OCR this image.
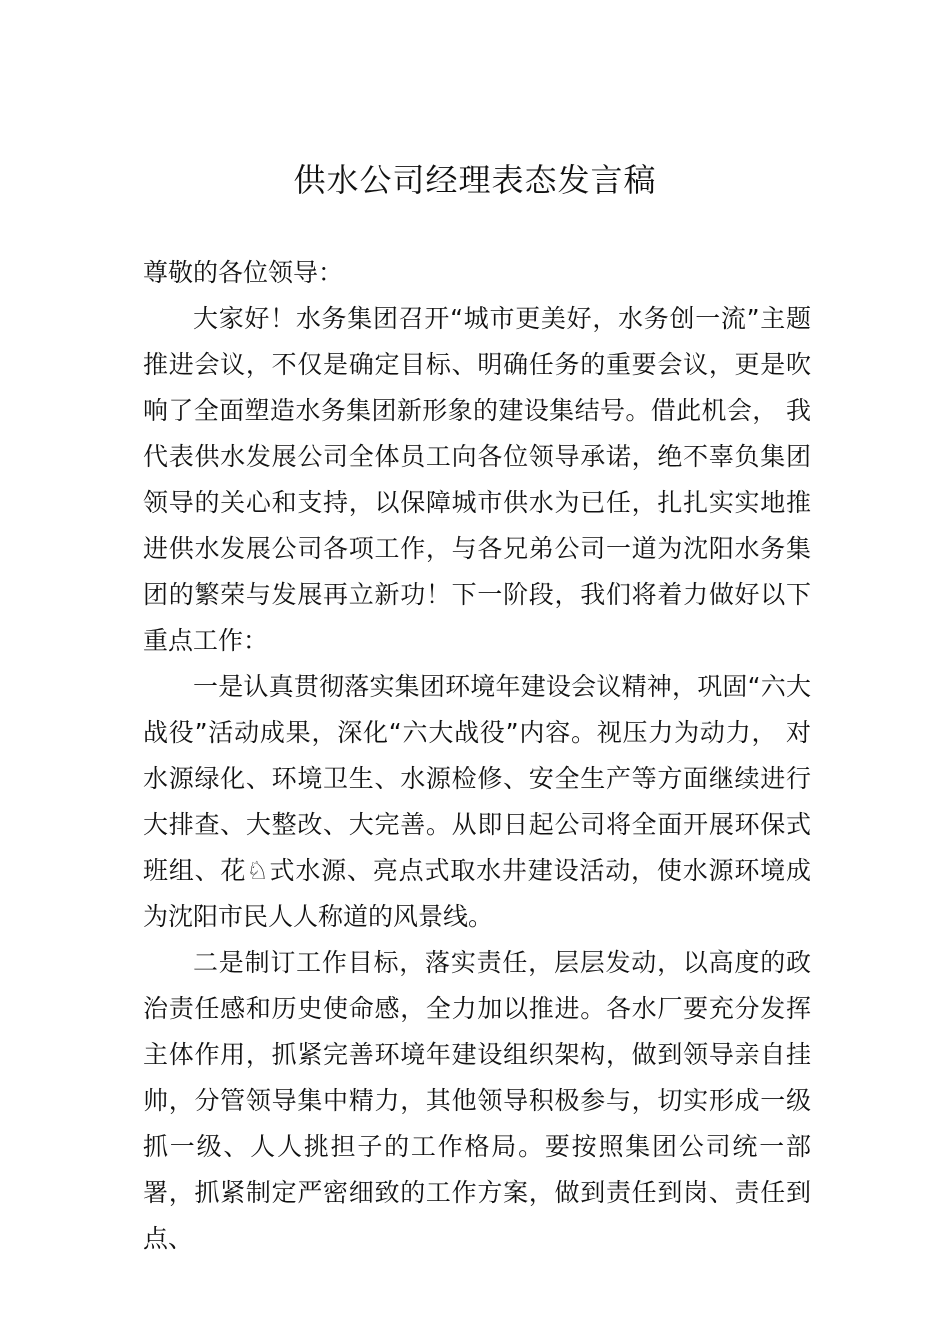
供水公司经理表态发言稿

尊敬的各位领导：

大家好！水务集团召开“城市更美好，水务创一流”主题推进会议，不仅是确定目标、明确任务的重要会议，更是吹响了全面塑造水务集团新形象的建设集结号。借此机会， 我代表供水发展公司全体员工向各位领导承诺，绝不辜负集团领导的关心和支持，以保障城市供水为已任，扎扎实实地推进供水发展公司各项工作，与各兄弟公司一道为沈阳水务集团的繁荣与发展再立新功！下一阶段，我们将着力做好以下重点工作：

一是认真贯彻落实集团环境年建设会议精神，巩固“六大战役”活动成果，深化“六大战役”内容。视压力为动力， 对水源绿化、环境卫生、水源检修、安全生产等方面继续进行大排查、大整改、大完善。从即日起公司将全面开展环保式班组、花♘式水源、亮点式取水井建设活动，使水源环境成为沈阳市民人人称道的风景线。

二是制订工作目标，落实责任，层层发动，以高度的政治责任感和历史使命感，全力加以推进。各水厂要充分发挥主体作用，抓紧完善环境年建设组织架构，做到领导亲自挂帅，分管领导集中精力，其他领导积极参与，切实形成一级抓一级、人人挑担子的工作格局。要按照集团公司统一部署，抓紧制定严密细致的工作方案，做到责任到岗、责任到点、
